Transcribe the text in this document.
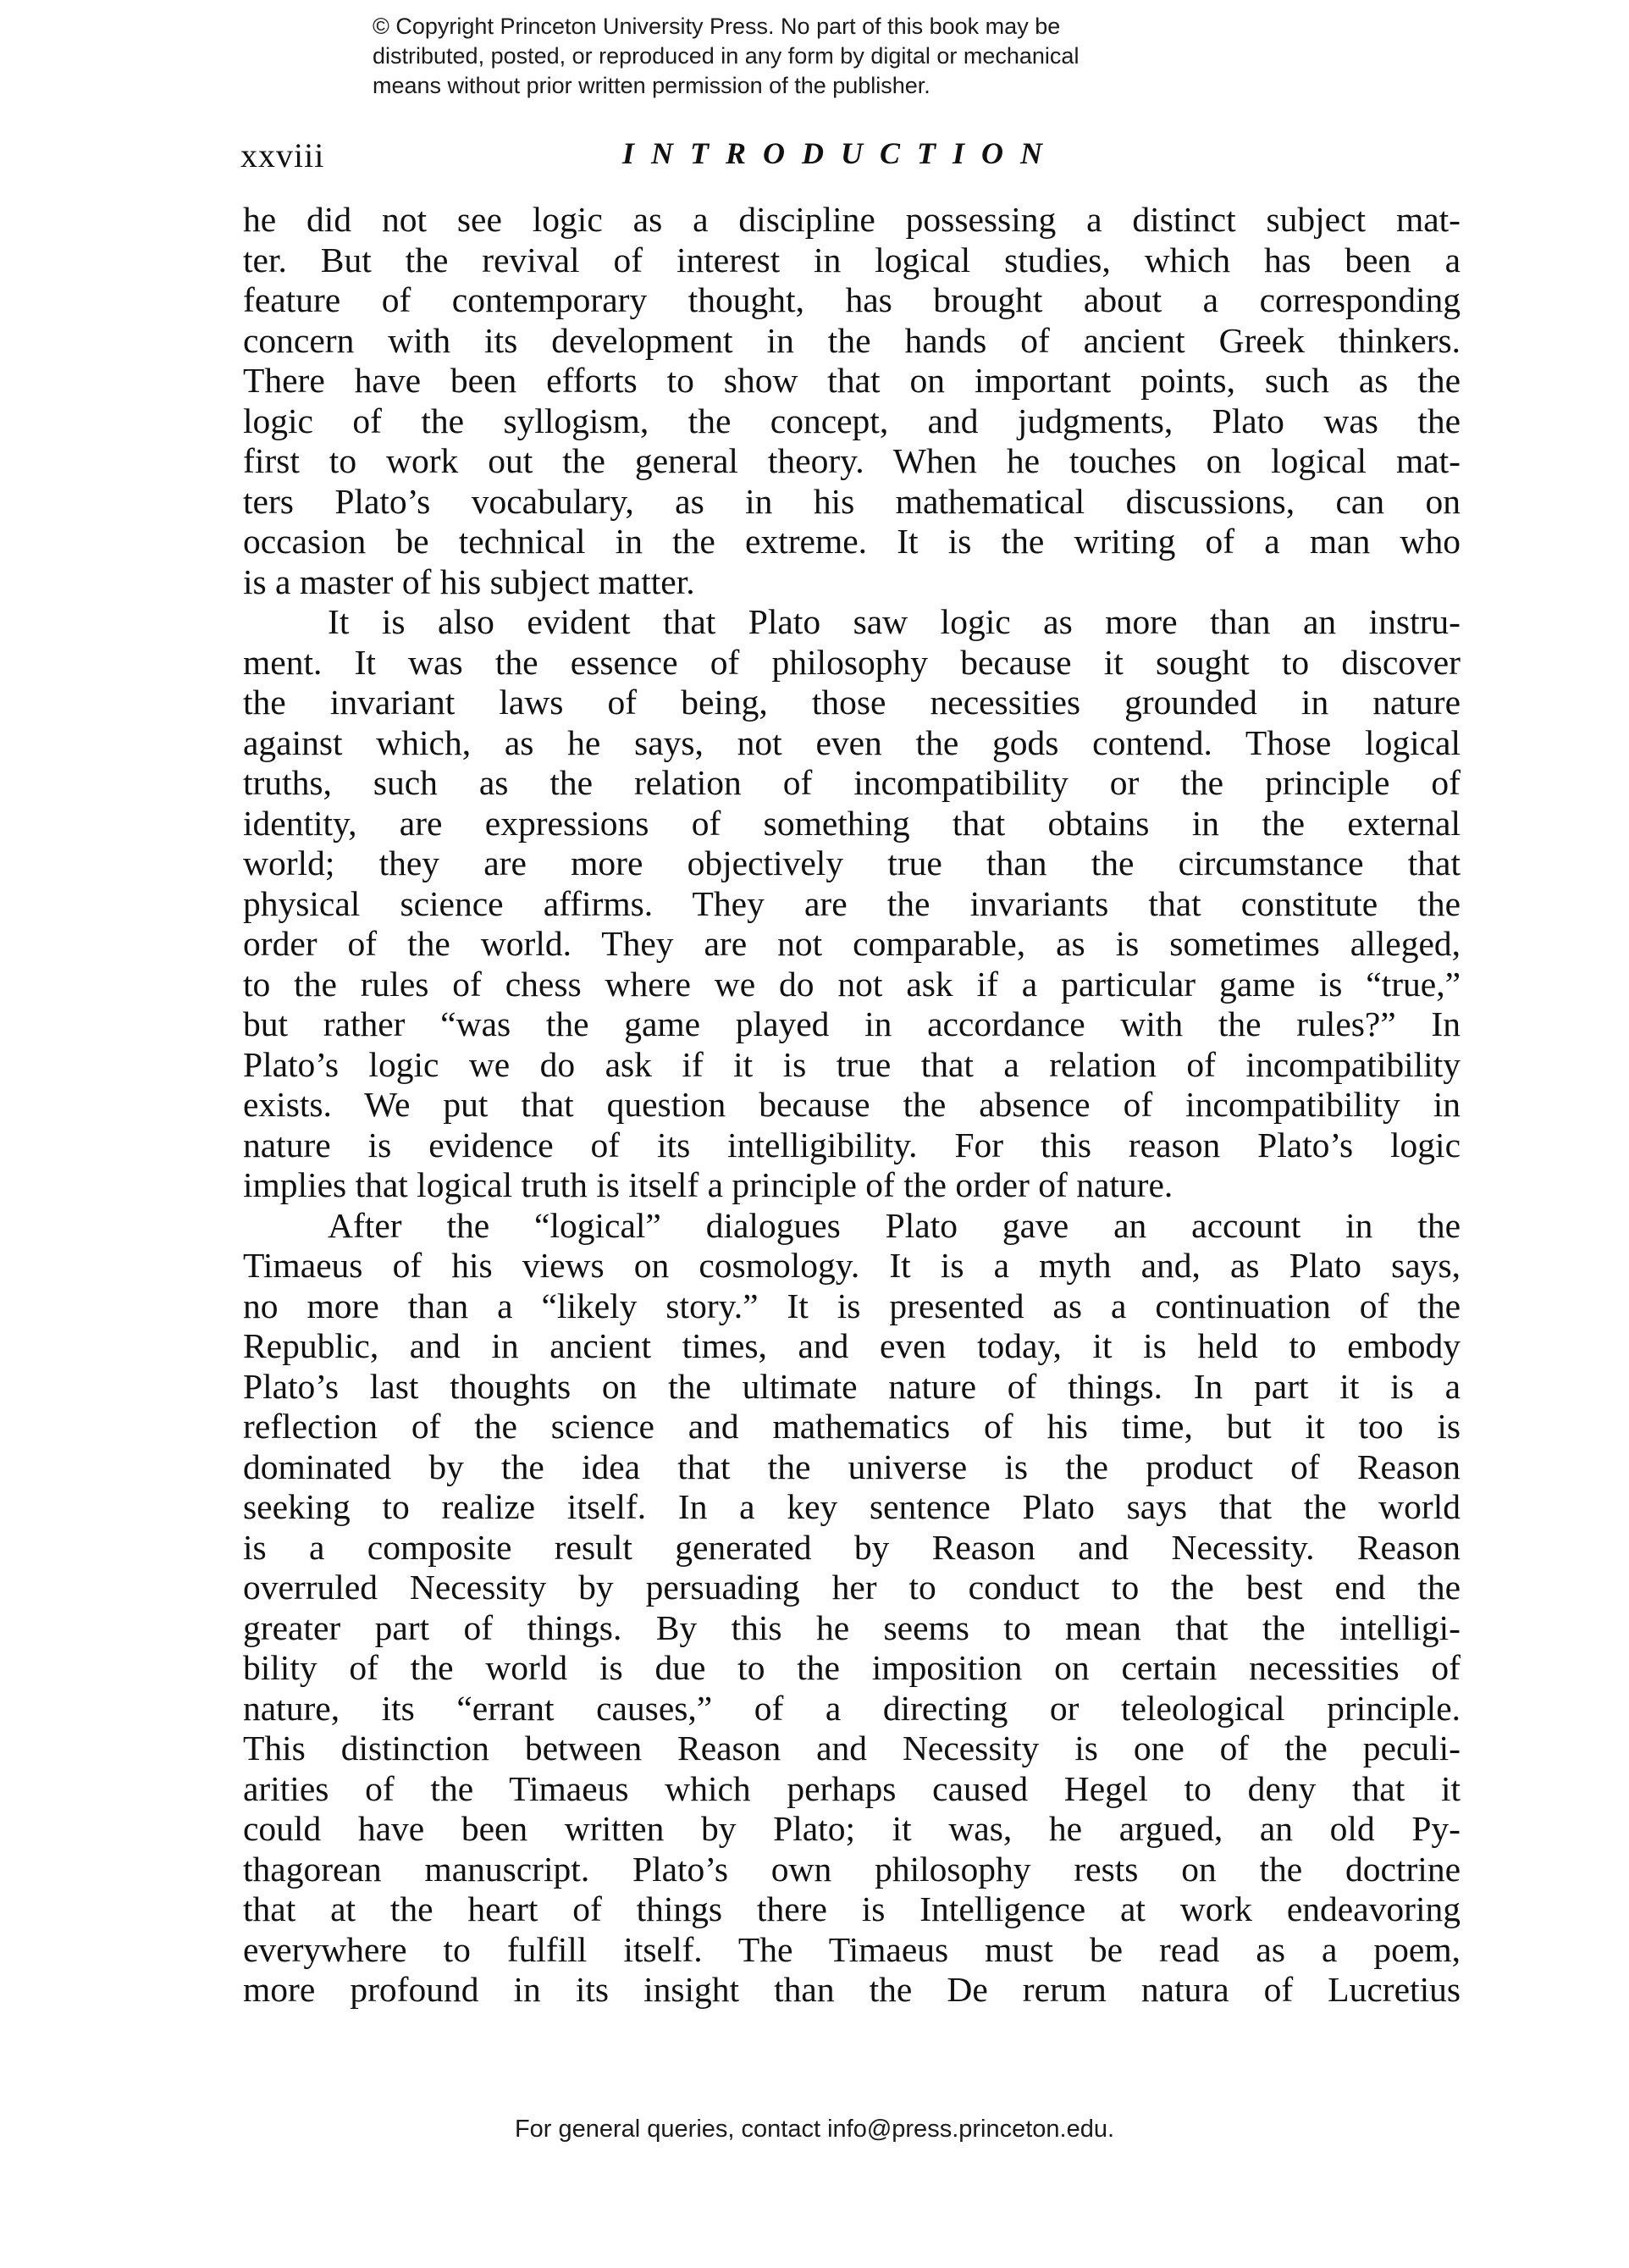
© Copyright Princeton University Press. No part of this book may be
distributed, posted, or reproduced in any form by digital or mechanical
means without prior written permission of the publisher.
xxviii	INTRODUCTION
he did not see logic as a discipline possessing a distinct subject mat-
ter. But the revival of interest in logical studies, which has been a
feature of contemporary thought, has brought about a corresponding
concern with its development in the hands of ancient Greek thinkers.
There have been efforts to show that on important points, such as the
logic of the syllogism, the concept, and judgments, Plato was the
first to work out the general theory. When he touches on logical mat-
ters Plato’s vocabulary, as in his mathematical discussions, can on
occasion be technical in the extreme. It is the writing of a man who
is a master of his subject matter.
It is also evident that Plato saw logic as more than an instru-
ment. It was the essence of philosophy because it sought to discover
the invariant laws of being, those necessities grounded in nature
against which, as he says, not even the gods contend. Those logical
truths, such as the relation of incompatibility or the principle of
identity, are expressions of something that obtains in the external
world; they are more objectively true than the circumstance that
physical science affirms. They are the invariants that constitute the
order of the world. They are not comparable, as is sometimes alleged,
to the rules of chess where we do not ask if a particular game is “true,”
but rather “was the game played in accordance with the rules?” In
Plato’s logic we do ask if it is true that a relation of incompatibility
exists. We put that question because the absence of incompatibility in
nature is evidence of its intelligibility. For this reason Plato’s logic
implies that logical truth is itself a principle of the order of nature.
After the “logical” dialogues Plato gave an account in the
Timaeus of his views on cosmology. It is a myth and, as Plato says,
no more than a “likely story.” It is presented as a continuation of the
Republic, and in ancient times, and even today, it is held to embody
Plato’s last thoughts on the ultimate nature of things. In part it is a
reflection of the science and mathematics of his time, but it too is
dominated by the idea that the universe is the product of Reason
seeking to realize itself. In a key sentence Plato says that the world
is a composite result generated by Reason and Necessity. Reason
overruled Necessity by persuading her to conduct to the best end the
greater part of things. By this he seems to mean that the intelligi-
bility of the world is due to the imposition on certain necessities of
nature, its “errant causes,” of a directing or teleological principle.
This distinction between Reason and Necessity is one of the peculi-
arities of the Timaeus which perhaps caused Hegel to deny that it
could have been written by Plato; it was, he argued, an old Py-
thagorean manuscript. Plato’s own philosophy rests on the doctrine
that at the heart of things there is Intelligence at work endeavoring
everywhere to fulfill itself. The Timaeus must be read as a poem,
more profound in its insight than the De rerum natura of Lucretius
For general queries, contact info@press.princeton.edu.
